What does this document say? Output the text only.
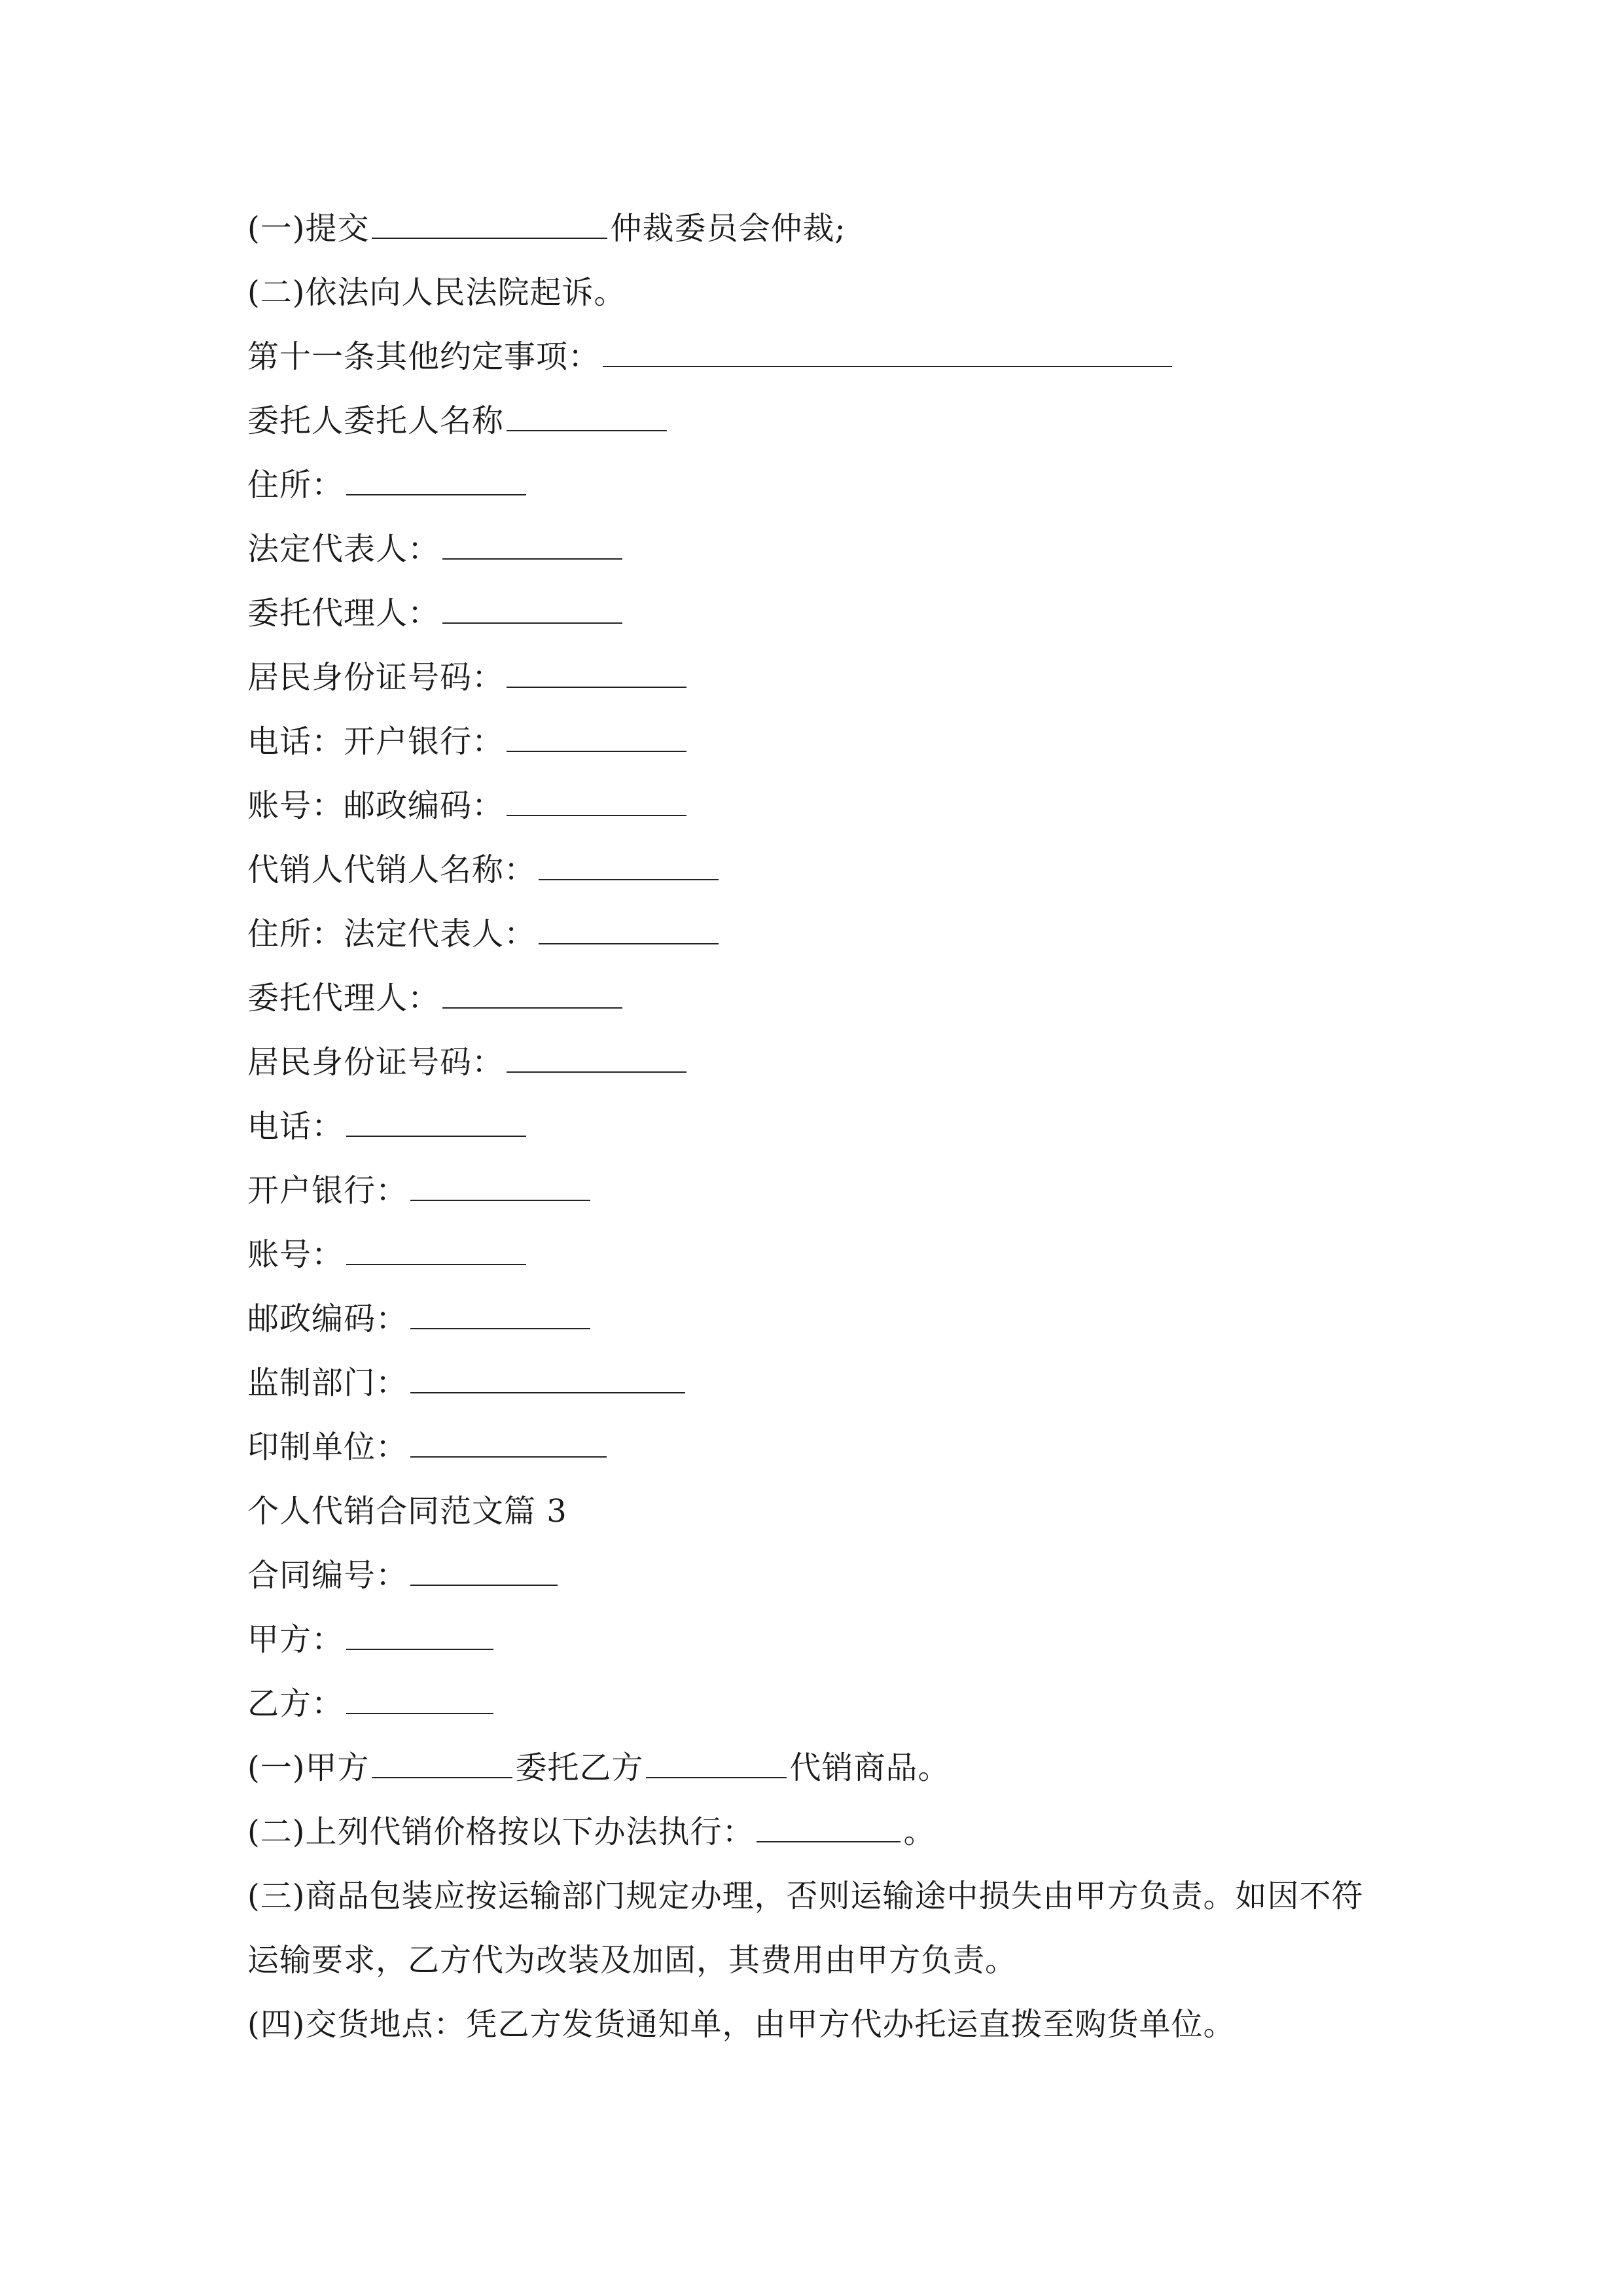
(一)提交	仲裁委员会仲裁;
(二)依法向人民法院起诉。
第十一条其他约定事项：
委托人委托人名称
住所：
法定代表人：
委托代理人：
居民身份证号码：
电话：开户银行：
账号：邮政编码：
代销人代销人名称：
住所：法定代表人：
委托代理人：
居民身份证号码：
电话：
开户银行：
账号：
邮政编码：
监制部门：
印制单位：
个人代销合同范文篇 3
合同编号：
甲方：
乙方：
(一)甲方	委托乙方	代销商品。
(二)上列代销价格按以下办法执行：	。
(三)商品包装应按运输部门规定办理，否则运输途中损失由甲方负责。如因不符
运输要求，乙方代为改装及加固，其费用由甲方负责。
(四)交货地点：凭乙方发货通知单，由甲方代办托运直拨至购货单位。
